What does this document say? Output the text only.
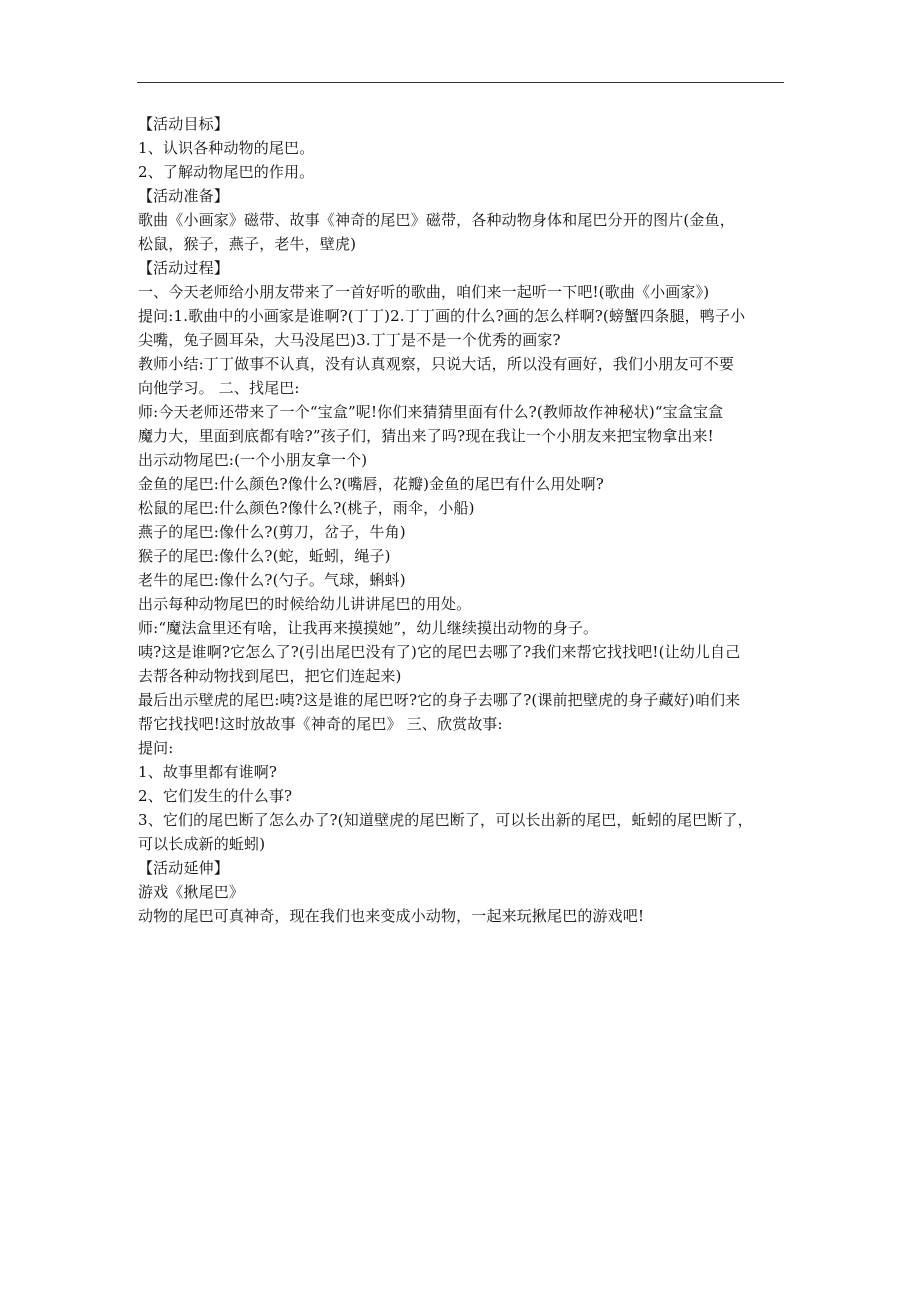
【活动目标】
1、认识各种动物的尾巴。
2、了解动物尾巴的作用。
【活动准备】
歌曲《小画家》磁带、故事《神奇的尾巴》磁带，各种动物身体和尾巴分开的图片(金鱼，
松鼠，猴子，燕子，老牛，壁虎)
【活动过程】
一、今天老师给小朋友带来了一首好听的歌曲，咱们来一起听一下吧!(歌曲《小画家》)
提问:1.歌曲中的小画家是谁啊?(丁丁)2.丁丁画的什么?画的怎么样啊?(螃蟹四条腿，鸭子小
尖嘴，兔子圆耳朵，大马没尾巴)3.丁丁是不是一个优秀的画家?
教师小结:丁丁做事不认真，没有认真观察，只说大话，所以没有画好，我们小朋友可不要
向他学习。 二、找尾巴:
师:今天老师还带来了一个“宝盒”呢!你们来猜猜里面有什么?(教师故作神秘状)“宝盒宝盒
魔力大，里面到底都有啥?”孩子们，猜出来了吗?现在我让一个小朋友来把宝物拿出来!
出示动物尾巴:(一个小朋友拿一个)
金鱼的尾巴:什么颜色?像什么?(嘴唇，花瓣)金鱼的尾巴有什么用处啊?
松鼠的尾巴:什么颜色?像什么?(桃子，雨伞，小船)
燕子的尾巴:像什么?(剪刀，岔子，牛角)
猴子的尾巴:像什么?(蛇，蚯蚓，绳子)
老牛的尾巴:像什么?(勺子。气球，蝌蚪)
出示每种动物尾巴的时候给幼儿讲讲尾巴的用处。
师:“魔法盒里还有啥，让我再来摸摸她”，幼儿继续摸出动物的身子。
咦?这是谁啊?它怎么了?(引出尾巴没有了)它的尾巴去哪了?我们来帮它找找吧!(让幼儿自己
去帮各种动物找到尾巴，把它们连起来)
最后出示壁虎的尾巴:咦?这是谁的尾巴呀?它的身子去哪了?(课前把壁虎的身子藏好)咱们来
帮它找找吧!这时放故事《神奇的尾巴》 三、欣赏故事:
提问:
1、故事里都有谁啊?
2、它们发生的什么事?
3、它们的尾巴断了怎么办了?(知道壁虎的尾巴断了，可以长出新的尾巴，蚯蚓的尾巴断了，
可以长成新的蚯蚓)
【活动延伸】
游戏《揪尾巴》
动物的尾巴可真神奇，现在我们也来变成小动物，一起来玩揪尾巴的游戏吧!
